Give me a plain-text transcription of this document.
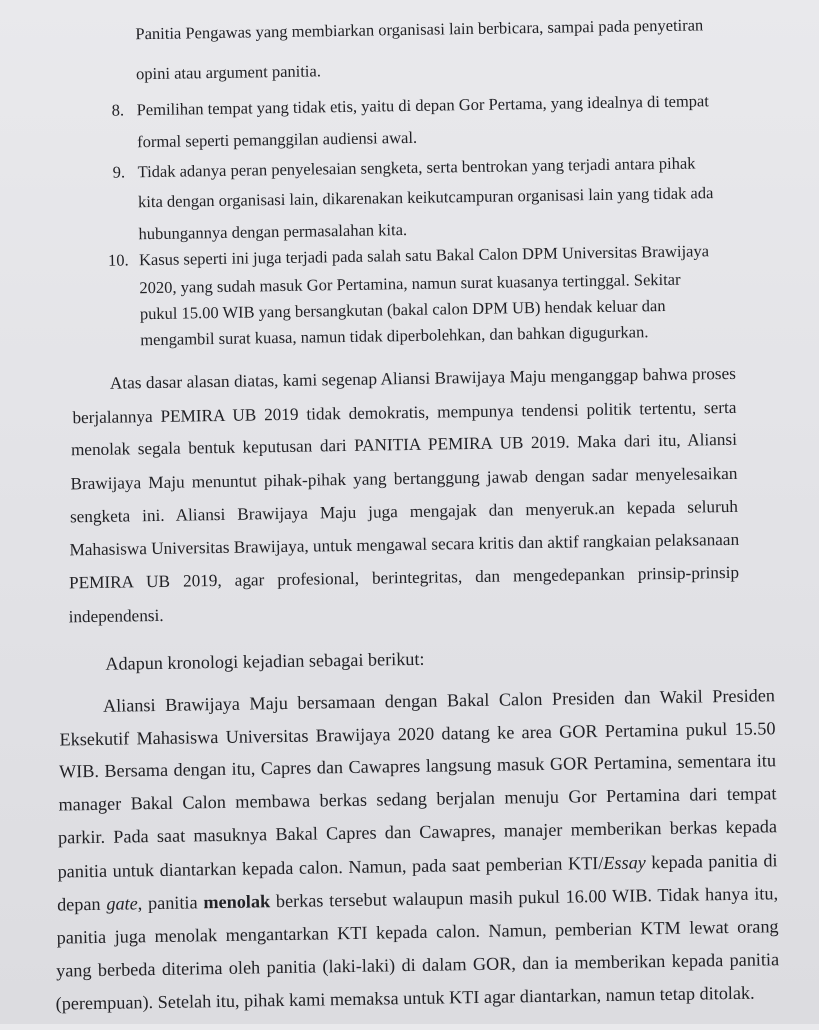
Panitia Pengawas yang membiarkan organisasi lain berbicara, sampai pada penyetiran
opini atau argument panitia.
8. Pemilihan tempat yang tidak etis, yaitu di depan Gor Pertama, yang idealnya di tempat
formal seperti pemanggilan audiensi awal.
9. Tidak adanya peran penyelesaian sengketa, serta bentrokan yang terjadi antara pihak
kita dengan organisasi lain, dikarenakan keikutcampuran organisasi lain yang tidak ada
hubungannya dengan permasalahan kita.
10. Kasus seperti ini juga terjadi pada salah satu Bakal Calon DPM Universitas Brawijaya
2020, yang sudah masuk Gor Pertamina, namun surat kuasanya tertinggal. Sekitar
pukul 15.00 WIB yang bersangkutan (bakal calon DPM UB) hendak keluar dan
mengambil surat kuasa, namun tidak diperbolehkan, dan bahkan digugurkan.
Atas dasar alasan diatas, kami segenap Aliansi Brawijaya Maju menganggap bahwa proses
berjalannya PEMIRA UB 2019 tidak demokratis, mempunya tendensi politik tertentu, serta
menolak segala bentuk keputusan dari PANITIA PEMIRA UB 2019. Maka dari itu, Aliansi
Brawijaya Maju menuntut pihak-pihak yang bertanggung jawab dengan sadar menyelesaikan
sengketa ini. Aliansi Brawijaya Maju juga mengajak dan menyeruk.an kepada seluruh
Mahasiswa Universitas Brawijaya, untuk mengawal secara kritis dan aktif rangkaian pelaksanaan
PEMIRA UB 2019, agar profesional, berintegritas, dan mengedepankan prinsip-prinsip
independensi.
Adapun kronologi kejadian sebagai berikut:
Aliansi Brawijaya Maju bersamaan dengan Bakal Calon Presiden dan Wakil Presiden
Eksekutif Mahasiswa Universitas Brawijaya 2020 datang ke area GOR Pertamina pukul 15.50
WIB. Bersama dengan itu, Capres dan Cawapres langsung masuk GOR Pertamina, sementara itu
manager Bakal Calon membawa berkas sedang berjalan menuju Gor Pertamina dari tempat
parkir. Pada saat masuknya Bakal Capres dan Cawapres, manajer memberikan berkas kepada
panitia untuk diantarkan kepada calon. Namun, pada saat pemberian KTI/Essay kepada panitia di
depan gate, panitia menolak berkas tersebut walaupun masih pukul 16.00 WIB. Tidak hanya itu,
panitia juga menolak mengantarkan KTI kepada calon. Namun, pemberian KTM lewat orang
yang berbeda diterima oleh panitia (laki-laki) di dalam GOR, dan ia memberikan kepada panitia
(perempuan). Setelah itu, pihak kami memaksa untuk KTI agar diantarkan, namun tetap ditolak.
